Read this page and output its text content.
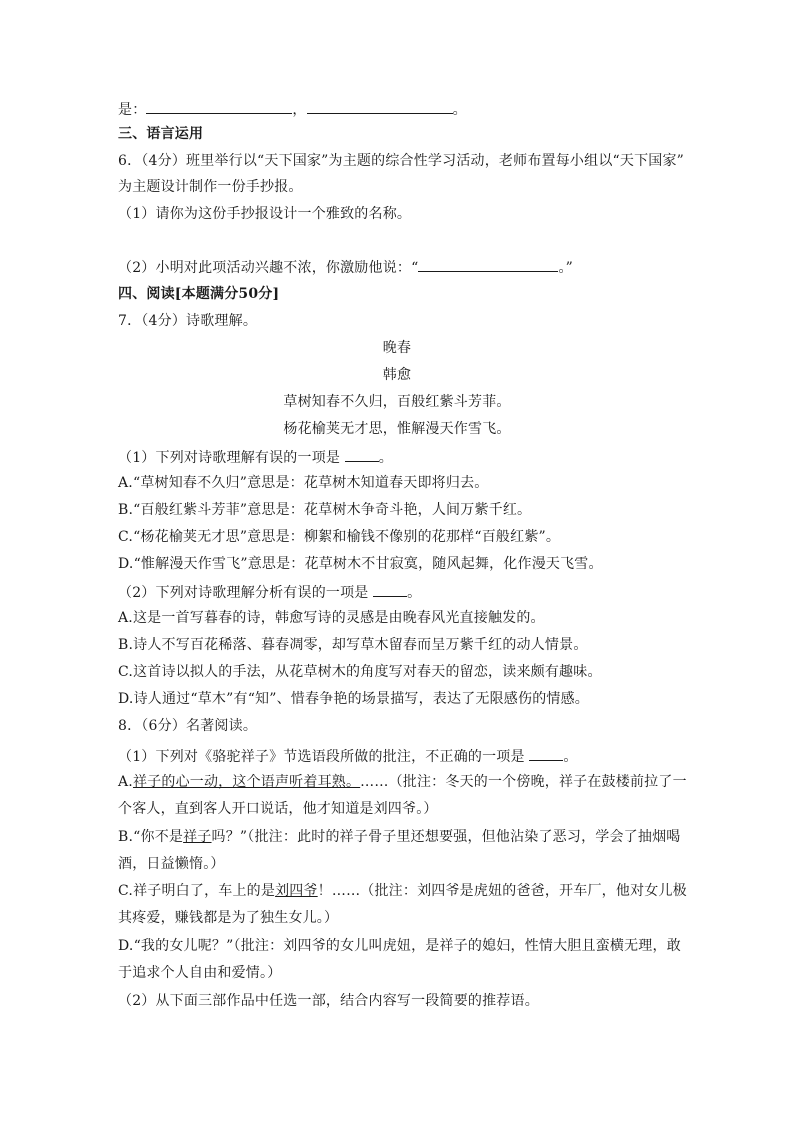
是：	，	。
三、语言运用
6．（4分）班里举行以“天下国家”为主题的综合性学习活动，老师布置每小组以“天下国家”
为主题设计制作一份手抄报。
（1）请你为这份手抄报设计一个雅致的名称。
（2）小明对此项活动兴趣不浓，你激励他说：“	。”
四、阅读[本题满分50分]
7．（4分）诗歌理解。
晚春
韩愈
草树知春不久归，百般红紫斗芳菲。
杨花榆荚无才思，惟解漫天作雪飞。
（1）下列对诗歌理解有误的一项是	。
A.“草树知春不久归”意思是：花草树木知道春天即将归去。
B.“百般红紫斗芳菲”意思是：花草树木争奇斗艳，人间万紫千红。
C.“杨花榆荚无才思”意思是：柳絮和榆钱不像别的花那样“百般红紫”。
D.“惟解漫天作雪飞”意思是：花草树木不甘寂寞，随风起舞，化作漫天飞雪。
（2）下列对诗歌理解分析有误的一项是	。
A.这是一首写暮春的诗，韩愈写诗的灵感是由晚春风光直接触发的。
B.诗人不写百花稀落、暮春凋零，却写草木留春而呈万紫千红的动人情景。
C.这首诗以拟人的手法，从花草树木的角度写对春天的留恋，读来颇有趣味。
D.诗人通过“草木”有“知”、惜春争艳的场景描写，表达了无限感伤的情感。
8．（6分）名著阅读。
（1）下列对《骆驼祥子》节选语段所做的批注，不正确的一项是	。
A.祥子的心一动，这个语声听着耳熟。……（批注：冬天的一个傍晚，祥子在鼓楼前拉了一
个客人，直到客人开口说话，他才知道是刘四爷。）
B.“你不是祥子吗？”（批注：此时的祥子骨子里还想要强，但他沾染了恶习，学会了抽烟喝
酒，日益懒惰。）
C.祥子明白了，车上的是刘四爷！……（批注：刘四爷是虎妞的爸爸，开车厂，他对女儿极
其疼爱，赚钱都是为了独生女儿。）
D.“我的女儿呢？”（批注：刘四爷的女儿叫虎妞，是祥子的媳妇，性情大胆且蛮横无理，敢
于追求个人自由和爱情。）
（2）从下面三部作品中任选一部，结合内容写一段简要的推荐语。
